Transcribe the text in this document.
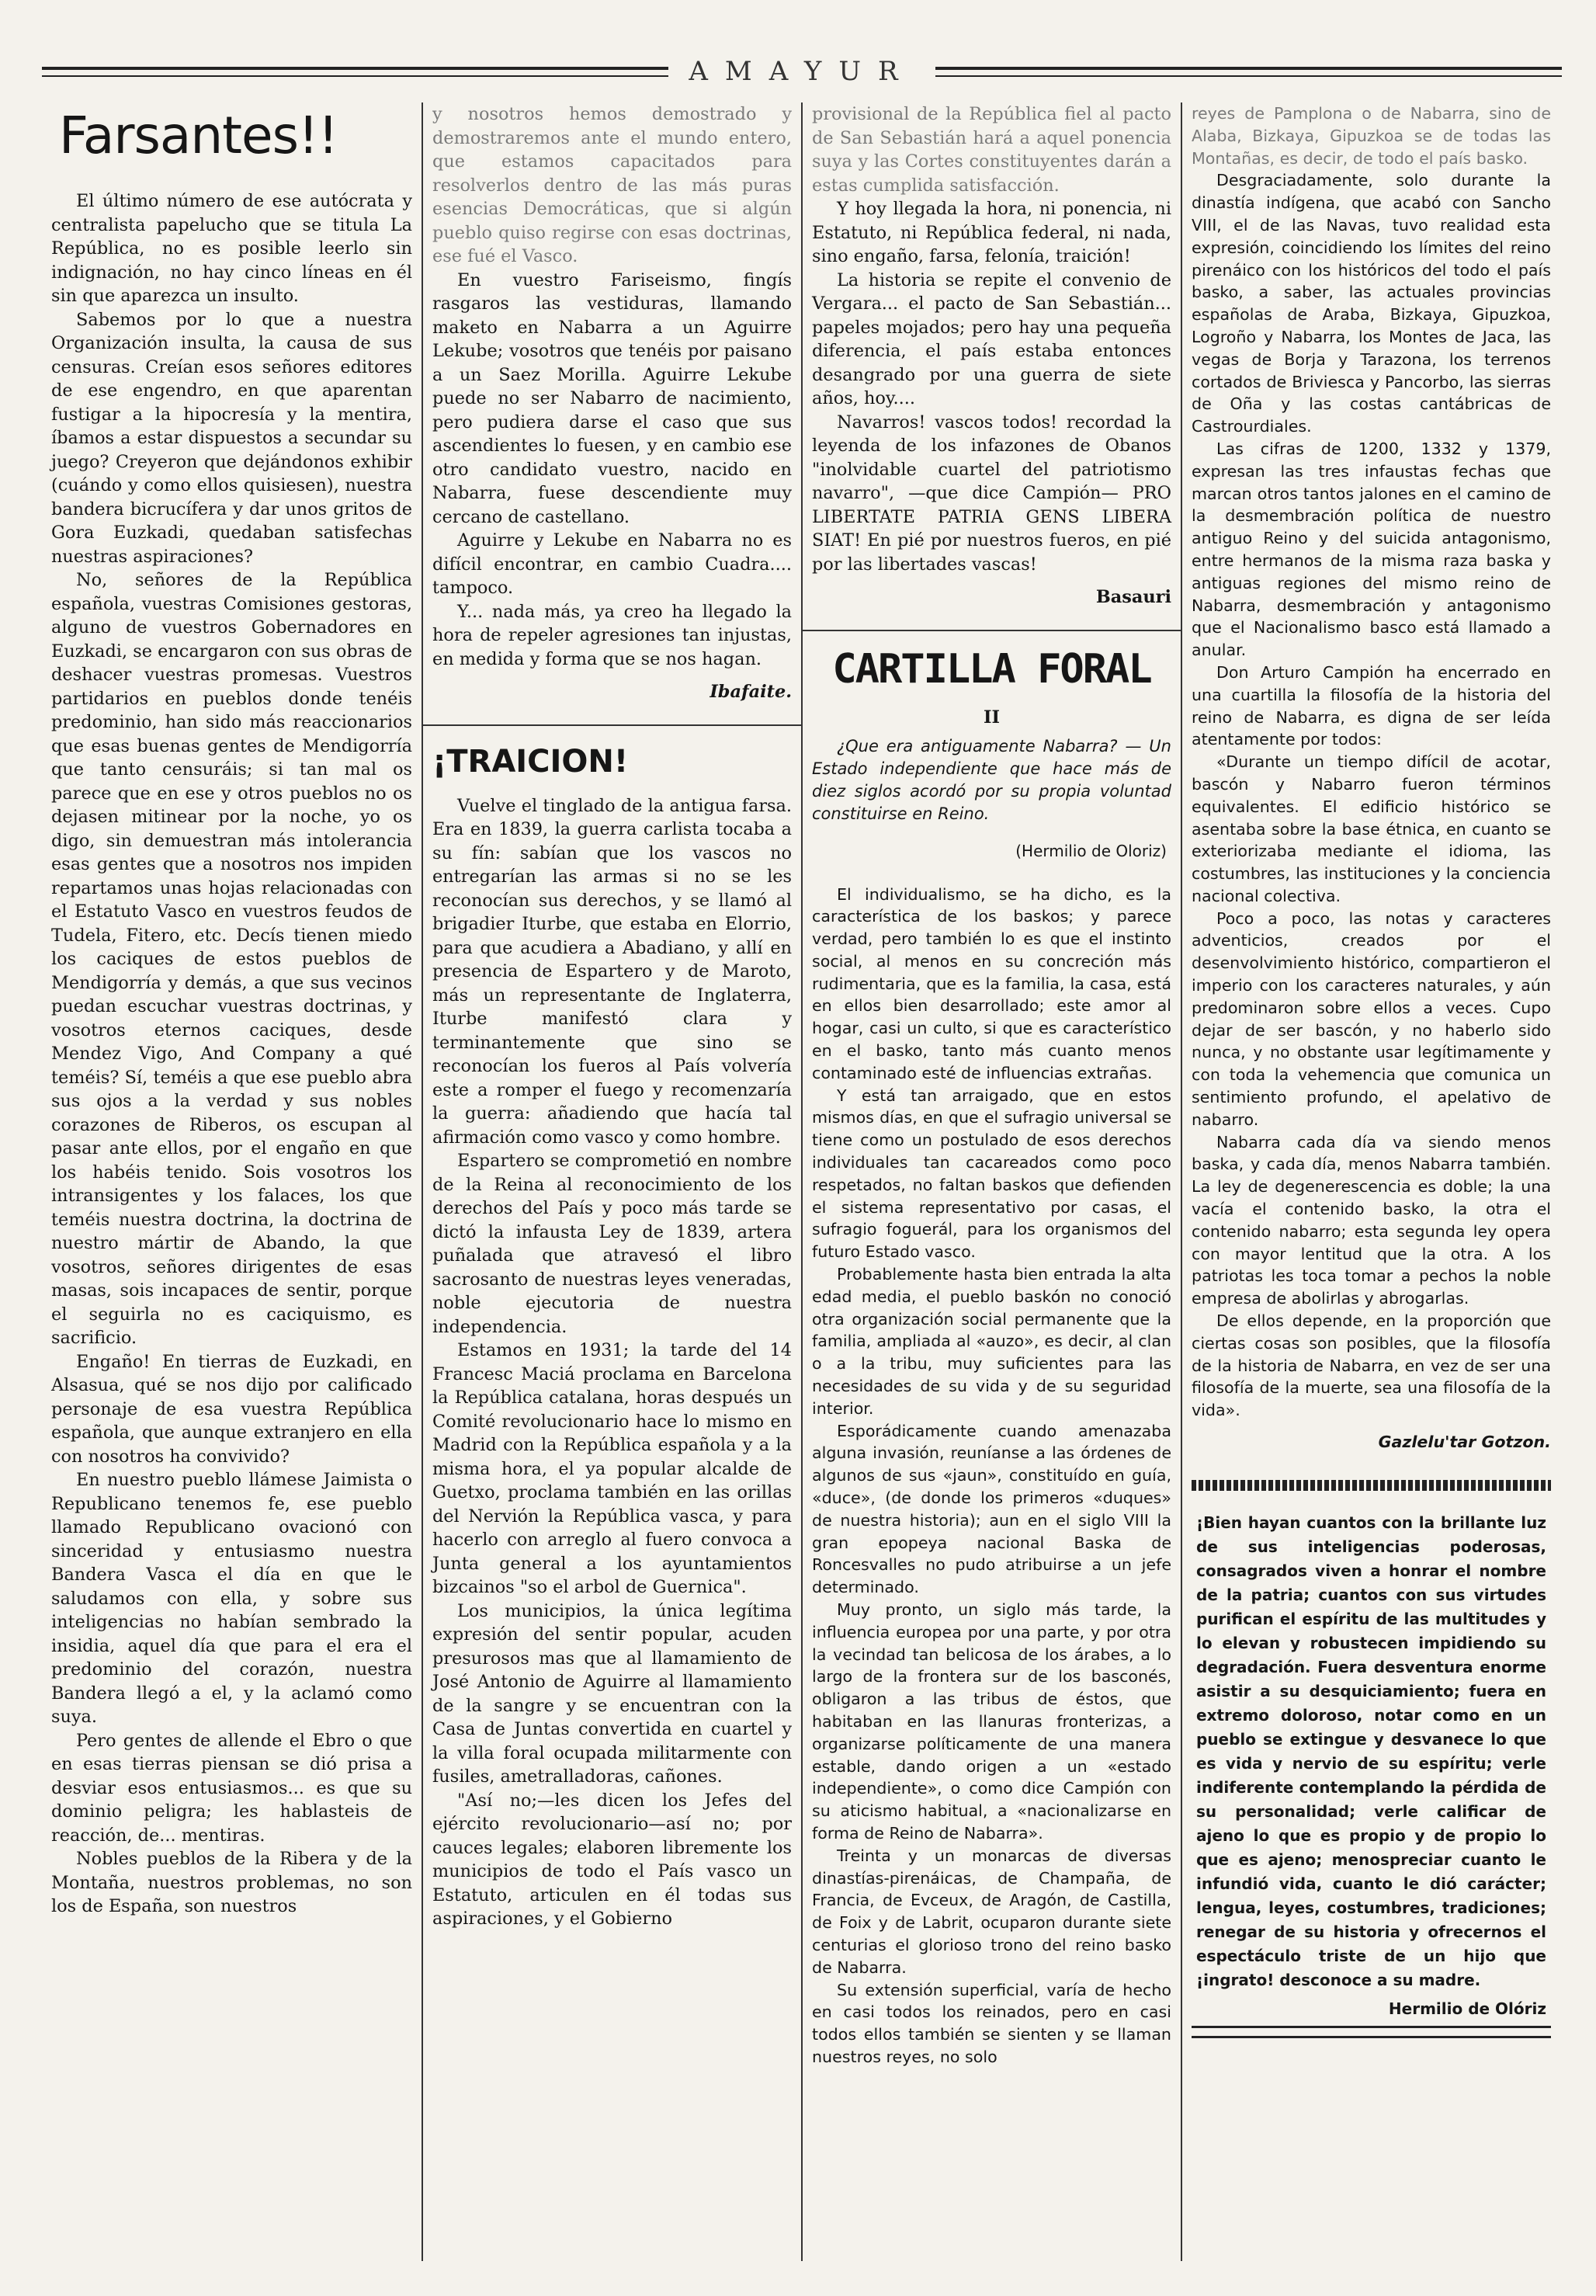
AMAYUR
Farsantes!!

El último número de ese autócrata y centralista papelucho que se titula La República, no es posible leerlo sin indignación, no hay cinco líneas en él sin que aparezca un insulto.

Sabemos por lo que a nuestra Organización insulta, la causa de sus censuras. Creían esos señores editores de ese engendro, en que aparentan fustigar a la hipocresía y la mentira, íbamos a estar dispuestos a secundar su juego? Creyeron que dejándonos exhibir (cuándo y como ellos quisiesen), nuestra bandera bicrucífera y dar unos gritos de Gora Euzkadi, quedaban satisfechas nuestras aspiraciones?

No, señores de la República española, vuestras Comisiones gestoras, alguno de vuestros Gobernadores en Euzkadi, se encargaron con sus obras de deshacer vuestras promesas. Vuestros partidarios en pueblos donde tenéis predominio, han sido más reaccionarios que esas buenas gentes de Mendigorría que tanto censuráis; si tan mal os parece que en ese y otros pueblos no os dejasen mitinear por la noche, yo os digo, sin demuestran más intolerancia esas gentes que a nosotros nos impiden repartamos unas hojas relacionadas con el Estatuto Vasco en vuestros feudos de Tudela, Fitero, etc. Decís tienen miedo los caciques de estos pueblos de Mendigorría y demás, a que sus vecinos puedan escuchar vuestras doctrinas, y vosotros eternos caciques, desde Mendez Vigo, And Company a qué teméis? Sí, teméis a que ese pueblo abra sus ojos a la verdad y sus nobles corazones de Riberos, os escupan al pasar ante ellos, por el engaño en que los habéis tenido. Sois vosotros los intransigentes y los falaces, los que teméis nuestra doctrina, la doctrina de nuestro mártir de Abando, la que vosotros, señores dirigentes de esas masas, sois incapaces de sentir, porque el seguirla no es caciquismo, es sacrificio.

Engaño! En tierras de Euzkadi, en Alsasua, qué se nos dijo por calificado personaje de esa vuestra República española, que aunque extranjero en ella con nosotros ha convivido?

En nuestro pueblo llámese Jaimista o Republicano tenemos fe, ese pueblo llamado Republicano ovacionó con sinceridad y entusiasmo nuestra Bandera Vasca el día en que le saludamos con ella, y sobre sus inteligencias no habían sembrado la insidia, aquel día que para el era el predominio del corazón, nuestra Bandera llegó a el, y la aclamó como suya.

Pero gentes de allende el Ebro o que en esas tierras piensan se dió prisa a desviar esos entusiasmos... es que su dominio peligra; les hablasteis de reacción, de... mentiras.

Nobles pueblos de la Ribera y de la Montaña, nuestros problemas, no son los de España, son nuestros

y nosotros hemos demostrado y demostraremos ante el mundo entero, que estamos capacitados para resolverlos dentro de las más puras esencias Democráticas, que si algún pueblo quiso regirse con esas doctrinas, ese fué el Vasco.

En vuestro Fariseismo, fingís rasgaros las vestiduras, llamando maketo en Nabarra a un Aguirre Lekube; vosotros que tenéis por paisano a un Saez Morilla. Aguirre Lekube puede no ser Nabarro de nacimiento, pero pudiera darse el caso que sus ascendientes lo fuesen, y en cambio ese otro candidato vuestro, nacido en Nabarra, fuese descendiente muy cercano de castellano.

Aguirre y Lekube en Nabarra no es difícil encontrar, en cambio Cuadra.... tampoco.

Y... nada más, ya creo ha llegado la hora de repeler agresiones tan injustas, en medida y forma que se nos hagan.

Ibafaite.
¡TRAICION!

Vuelve el tinglado de la antigua farsa. Era en 1839, la guerra carlista tocaba a su fín: sabían que los vascos no entregarían las armas si no se les reconocían sus derechos, y se llamó al brigadier Iturbe, que estaba en Elorrio, para que acudiera a Abadiano, y allí en presencia de Espartero y de Maroto, más un representante de Inglaterra, Iturbe manifestó clara y terminantemente que sino se reconocían los fueros al País volvería este a romper el fuego y recomenzaría la guerra: añadiendo que hacía tal afirmación como vasco y como hombre.

Espartero se comprometió en nombre de la Reina al reconocimiento de los derechos del País y poco más tarde se dictó la infausta Ley de 1839, artera puñalada que atravesó el libro sacrosanto de nuestras leyes veneradas, noble ejecutoria de nuestra independencia.

Estamos en 1931; la tarde del 14 Francesc Maciá proclama en Barcelona la República catalana, horas después un Comité revolucionario hace lo mismo en Madrid con la República española y a la misma hora, el ya popular alcalde de Guetxo, proclama también en las orillas del Nervión la República vasca, y para hacerlo con arreglo al fuero convoca a Junta general a los ayuntamientos bizcainos "so el arbol de Guernica".

Los municipios, la única legítima expresión del sentir popular, acuden presurosos mas que al llamamiento de José Antonio de Aguirre al llamamiento de la sangre y se encuentran con la Casa de Juntas convertida en cuartel y la villa foral ocupada militarmente con fusiles, ametralladoras, cañones.

"Así no;—les dicen los Jefes del ejército revolucionario—así no; por cauces legales; elaboren libremente los municipios de todo el País vasco un Estatuto, articulen en él todas sus aspiraciones, y el Gobierno

provisional de la República fiel al pacto de San Sebastián hará a aquel ponencia suya y las Cortes constituyentes darán a estas cumplida satisfacción.

Y hoy llegada la hora, ni ponencia, ni Estatuto, ni República federal, ni nada, sino engaño, farsa, felonía, traición!

La historia se repite el convenio de Vergara... el pacto de San Sebastián... papeles mojados; pero hay una pequeña diferencia, el país estaba entonces desangrado por una guerra de siete años, hoy....

Navarros! vascos todos! recordad la leyenda de los infazones de Obanos "inolvidable cuartel del patriotismo navarro", —que dice Campión— PRO LIBERTATE PATRIA GENS LIBERA SIAT! En pié por nuestros fueros, en pié por las libertades vascas!

Basauri
CARTILLA FORAL
II

¿Que era antiguamente Nabarra? — Un Estado independiente que hace más de diez siglos acordó por su propia voluntad constituirse en Reino.

(Hermilio de Oloriz)

El individualismo, se ha dicho, es la característica de los baskos; y parece verdad, pero también lo es que el instinto social, al menos en su concreción más rudimentaria, que es la familia, la casa, está en ellos bien desarrollado; este amor al hogar, casi un culto, si que es característico en el basko, tanto más cuanto menos contaminado esté de influencias extrañas.

Y está tan arraigado, que en estos mismos días, en que el sufragio universal se tiene como un postulado de esos derechos individuales tan cacareados como poco respetados, no faltan baskos que defienden el sistema representativo por casas, el sufragio foguerál, para los organismos del futuro Estado vasco.

Probablemente hasta bien entrada la alta edad media, el pueblo baskón no conoció otra organización social permanente que la familia, ampliada al «auzo», es decir, al clan o a la tribu, muy suficientes para las necesidades de su vida y de su seguridad interior.

Esporádicamente cuando amenazaba alguna invasión, reuníanse a las órdenes de algunos de sus «jaun», constituído en guía, «duce», (de donde los primeros «duques» de nuestra historia); aun en el siglo VIII la gran epopeya nacional Baska de Roncesvalles no pudo atribuirse a un jefe determinado.

Muy pronto, un siglo más tarde, la influencia europea por una parte, y por otra la vecindad tan belicosa de los árabes, a lo largo de la frontera sur de los basconés, obligaron a las tribus de éstos, que habitaban en las llanuras fronterizas, a organizarse políticamente de una manera estable, dando origen a un «estado independiente», o como dice Campión con su aticismo habitual, a «nacionalizarse en forma de Reino de Nabarra».

Treinta y un monarcas de diversas dinastías-pirenáicas, de Champaña, de Francia, de Evceux, de Aragón, de Castilla, de Foix y de Labrit, ocuparon durante siete centurias el glorioso trono del reino basko de Nabarra.

Su extensión superficial, varía de hecho en casi todos los reinados, pero en casi todos ellos también se sienten y se llaman nuestros reyes, no solo

reyes de Pamplona o de Nabarra, sino de Alaba, Bizkaya, Gipuzkoa se de todas las Montañas, es decir, de todo el país basko.

Desgraciadamente, solo durante la dinastía indígena, que acabó con Sancho VIII, el de las Navas, tuvo realidad esta expresión, coincidiendo los límites del reino pirenáico con los históricos del todo el país basko, a saber, las actuales provincias españolas de Araba, Bizkaya, Gipuzkoa, Logroño y Nabarra, los Montes de Jaca, las vegas de Borja y Tarazona, los terrenos cortados de Briviesca y Pancorbo, las sierras de Oña y las costas cantábricas de Castrourdiales.

Las cifras de 1200, 1332 y 1379, expresan las tres infaustas fechas que marcan otros tantos jalones en el camino de la desmembración política de nuestro antiguo Reino y del suicida antagonismo, entre hermanos de la misma raza baska y antiguas regiones del mismo reino de Nabarra, desmembración y antagonismo que el Nacionalismo basco está llamado a anular.

Don Arturo Campión ha encerrado en una cuartilla la filosofía de la historia del reino de Nabarra, es digna de ser leída atentamente por todos:

«Durante un tiempo difícil de acotar, bascón y Nabarro fueron términos equivalentes. El edificio histórico se asentaba sobre la base étnica, en cuanto se exteriorizaba mediante el idioma, las costumbres, las instituciones y la conciencia nacional colectiva.

Poco a poco, las notas y caracteres adventicios, creados por el desenvolvimiento histórico, compartieron el imperio con los caracteres naturales, y aún predominaron sobre ellos a veces. Cupo dejar de ser bascón, y no haberlo sido nunca, y no obstante usar legítimamente y con toda la vehemencia que comunica un sentimiento profundo, el apelativo de nabarro.

Nabarra cada día va siendo menos baska, y cada día, menos Nabarra también. La ley de degenerescencia es doble; la una vacía el contenido basko, la otra el contenido nabarro; esta segunda ley opera con mayor lentitud que la otra. A los patriotas les toca tomar a pechos la noble empresa de abolirlas y abrogarlas.

De ellos depende, en la proporción que ciertas cosas son posibles, que la filosofía de la historia de Nabarra, en vez de ser una filosofía de la muerte, sea una filosofía de la vida».

Gazlelu'tar Gotzon.
¡Bien hayan cuantos con la brillante luz de sus inteligencias poderosas, consagrados viven a honrar el nombre de la patria; cuantos con sus virtudes purifican el espíritu de las multitudes y lo elevan y robustecen impidiendo su degradación. Fuera desventura enorme asistir a su desquiciamiento; fuera en extremo doloroso, notar como en un pueblo se extingue y desvanece lo que es vida y nervio de su espíritu; verle indiferente contemplando la pérdida de su personalidad; verle calificar de ajeno lo que es propio y de propio lo que es ajeno; menospreciar cuanto le infundió vida, cuanto le dió carácter; lengua, leyes, costumbres, tradiciones; renegar de su historia y ofrecernos el espectáculo triste de un hijo que ¡ingrato! desconoce a su madre.
Hermilio de Olóriz
